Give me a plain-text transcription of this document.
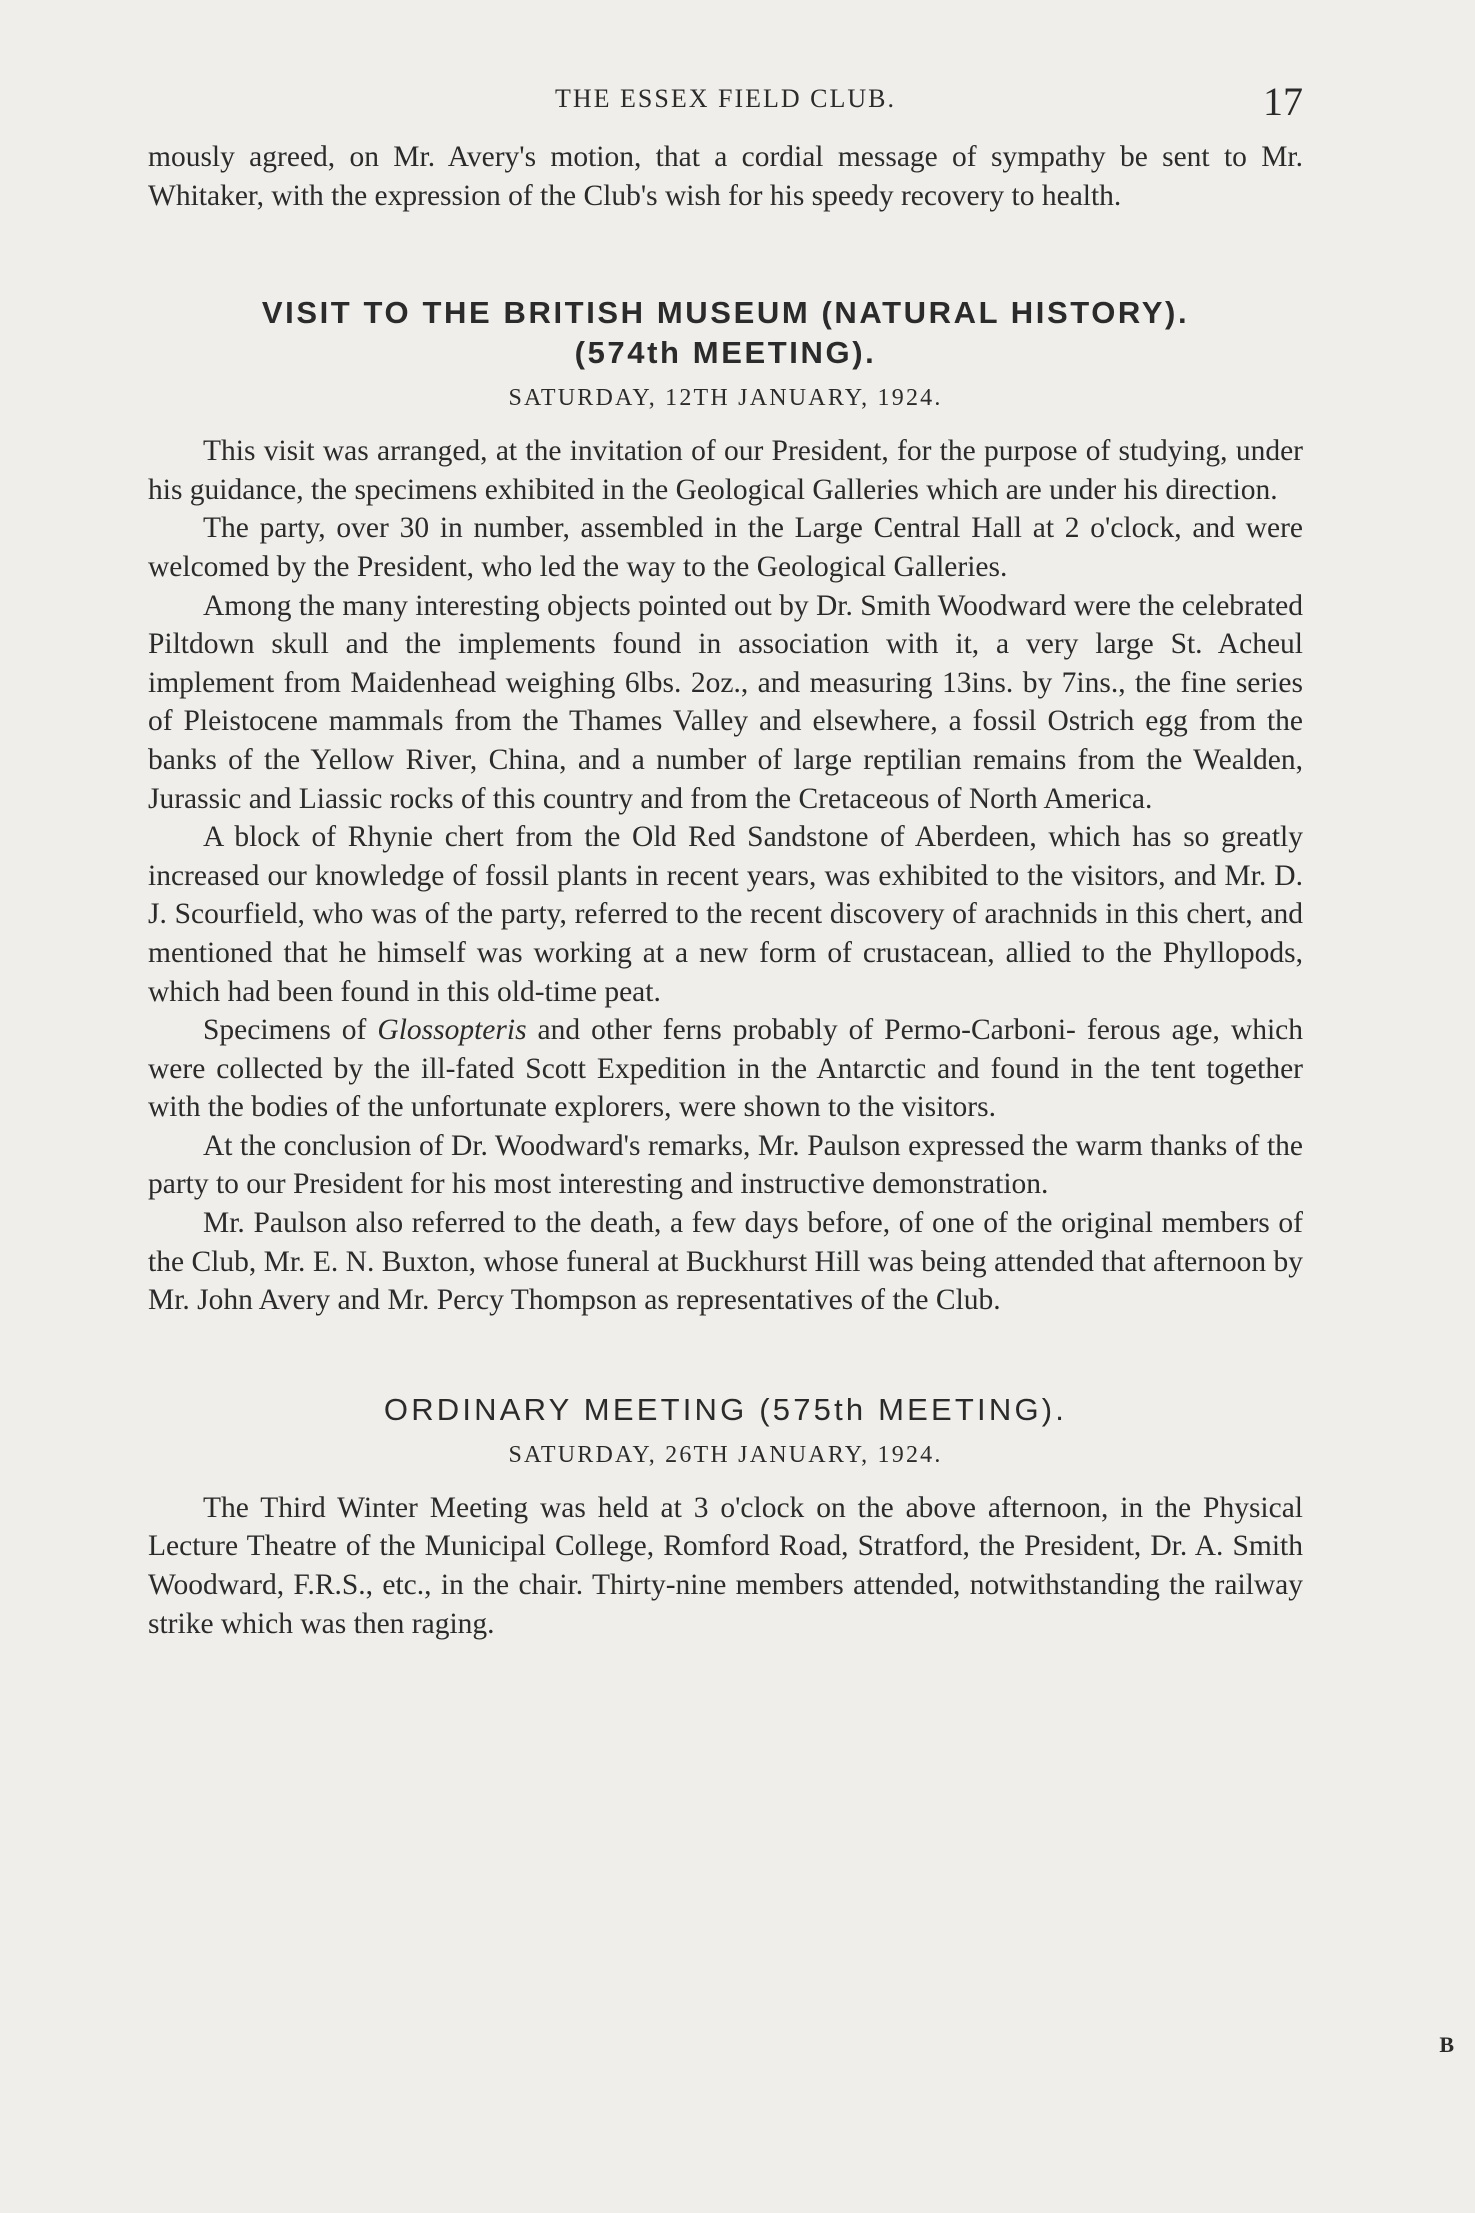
THE ESSEX FIELD CLUB.	17

mously agreed, on Mr. Avery's motion, that a cordial message of sympathy be sent to Mr. Whitaker, with the expression of the Club's wish for his speedy recovery to health.

VISIT TO THE BRITISH MUSEUM (NATURAL HISTORY).
(574th MEETING).
SATURDAY, 12TH JANUARY, 1924.

This visit was arranged, at the invitation of our President, for the purpose of studying, under his guidance, the specimens exhibited in the Geological Galleries which are under his direction.

The party, over 30 in number, assembled in the Large Central Hall at 2 o'clock, and were welcomed by the President, who led the way to the Geological Galleries.

Among the many interesting objects pointed out by Dr. Smith Woodward were the celebrated Piltdown skull and the implements found in association with it, a very large St. Acheul implement from Maidenhead weighing 6lbs. 2oz., and measuring 13ins. by 7ins., the fine series of Pleistocene mammals from the Thames Valley and elsewhere, a fossil Ostrich egg from the banks of the Yellow River, China, and a number of large reptilian remains from the Wealden, Jurassic and Liassic rocks of this country and from the Cretaceous of North America.

A block of Rhynie chert from the Old Red Sandstone of Aberdeen, which has so greatly increased our knowledge of fossil plants in recent years, was exhibited to the visitors, and Mr. D. J. Scourfield, who was of the party, referred to the recent discovery of arachnids in this chert, and mentioned that he himself was working at a new form of crustacean, allied to the Phyllopods, which had been found in this old-time peat.

Specimens of Glossopteris and other ferns probably of Permo-Carboni- ferous age, which were collected by the ill-fated Scott Expedition in the Antarctic and found in the tent together with the bodies of the unfortunate explorers, were shown to the visitors.

At the conclusion of Dr. Woodward's remarks, Mr. Paulson expressed the warm thanks of the party to our President for his most interesting and instructive demonstration.

Mr. Paulson also referred to the death, a few days before, of one of the original members of the Club, Mr. E. N. Buxton, whose funeral at Buckhurst Hill was being attended that afternoon by Mr. John Avery and Mr. Percy Thompson as representatives of the Club.

ORDINARY MEETING (575th MEETING).
SATURDAY, 26TH JANUARY, 1924.

The Third Winter Meeting was held at 3 o'clock on the above afternoon, in the Physical Lecture Theatre of the Municipal College, Romford Road, Stratford, the President, Dr. A. Smith Woodward, F.R.S., etc., in the chair. Thirty-nine members attended, notwithstanding the railway strike which was then raging.

B
